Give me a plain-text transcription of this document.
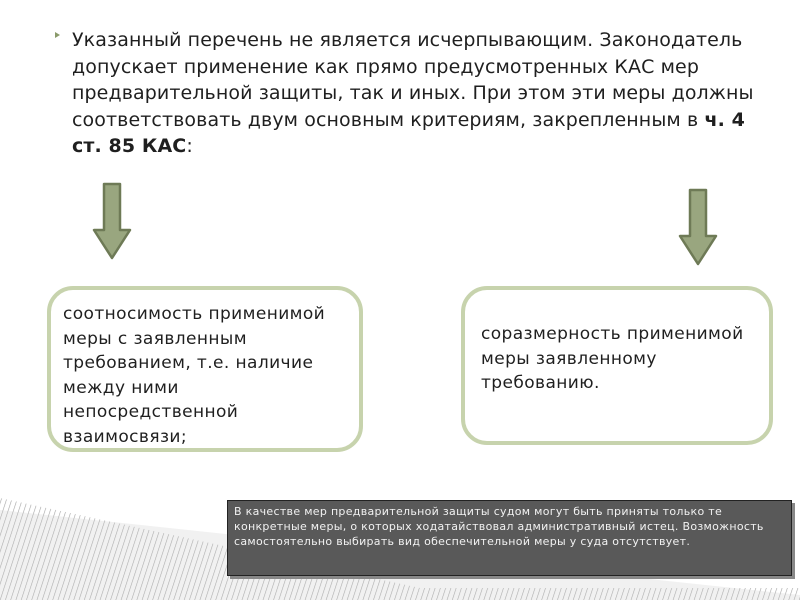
Указанный перечень не является исчерпывающим. Законодатель допускает применение как прямо предусмотренных КАС мер предварительной защиты, так и иных. При этом эти меры должны соответствовать двум основным критериям, закрепленным в ч. 4 ст. 85 КАС:
соотносимость применимой меры с заявленным требованием, т.е. наличие между ними непосредственной взаимосвязи;
соразмерность применимой меры заявленному требованию.
В качестве мер предварительной защиты судом могут быть приняты только те конкретные меры, о которых ходатайствовал административный истец. Возможность самостоятельно выбирать вид обеспечительной меры у суда отсутствует.
